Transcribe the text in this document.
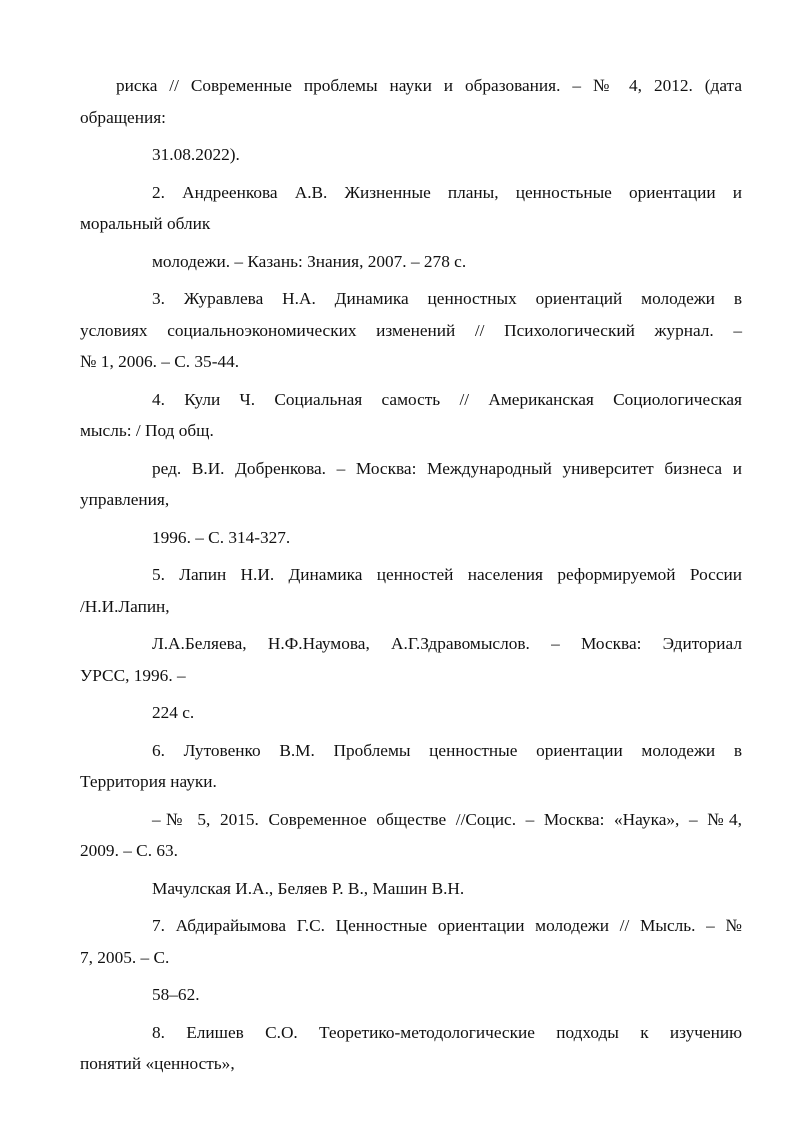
риска // Современные проблемы науки и образования. – № 4, 2012. (дата
обращения:

31.08.2022).

2. Андреенкова А.В. Жизненные планы, ценностьные ориентации и
моральный облик

молодежи. – Казань: Знания, 2007. – 278 с.

3. Журавлева Н.А. Динамика ценностных ориентаций молодежи в
условиях социальноэкономических изменений // Психологический журнал. –
№ 1, 2006. – С. 35-44.

4. Кули Ч. Социальная самость // Американская Социологическая
мысль: / Под общ.

ред. В.И. Добренкова. – Москва: Международный университет бизнеса и
управления,

1996. – С. 314-327.

5. Лапин Н.И. Динамика ценностей населения реформируемой России
/Н.И.Лапин,

Л.А.Беляева, Н.Ф.Наумова, А.Г.Здравомыслов. – Москва: Эдиториал
УРСС, 1996. –

224 с.

6. Лутовенко В.М. Проблемы ценностные ориентации молодежи в
Территория науки.

–№ 5, 2015. Современное обществе //Социс. – Москва: «Наука», – №4,
2009. – С. 63.

Мачулская И.А., Беляев Р. В., Машин В.Н.

7. Абдирайымова Г.С. Ценностные ориентации молодежи // Мысль. – №
7, 2005. – С.

58–62.

8. Елишев С.О. Теоретико-методологические подходы к изучению
понятий «ценность»,
